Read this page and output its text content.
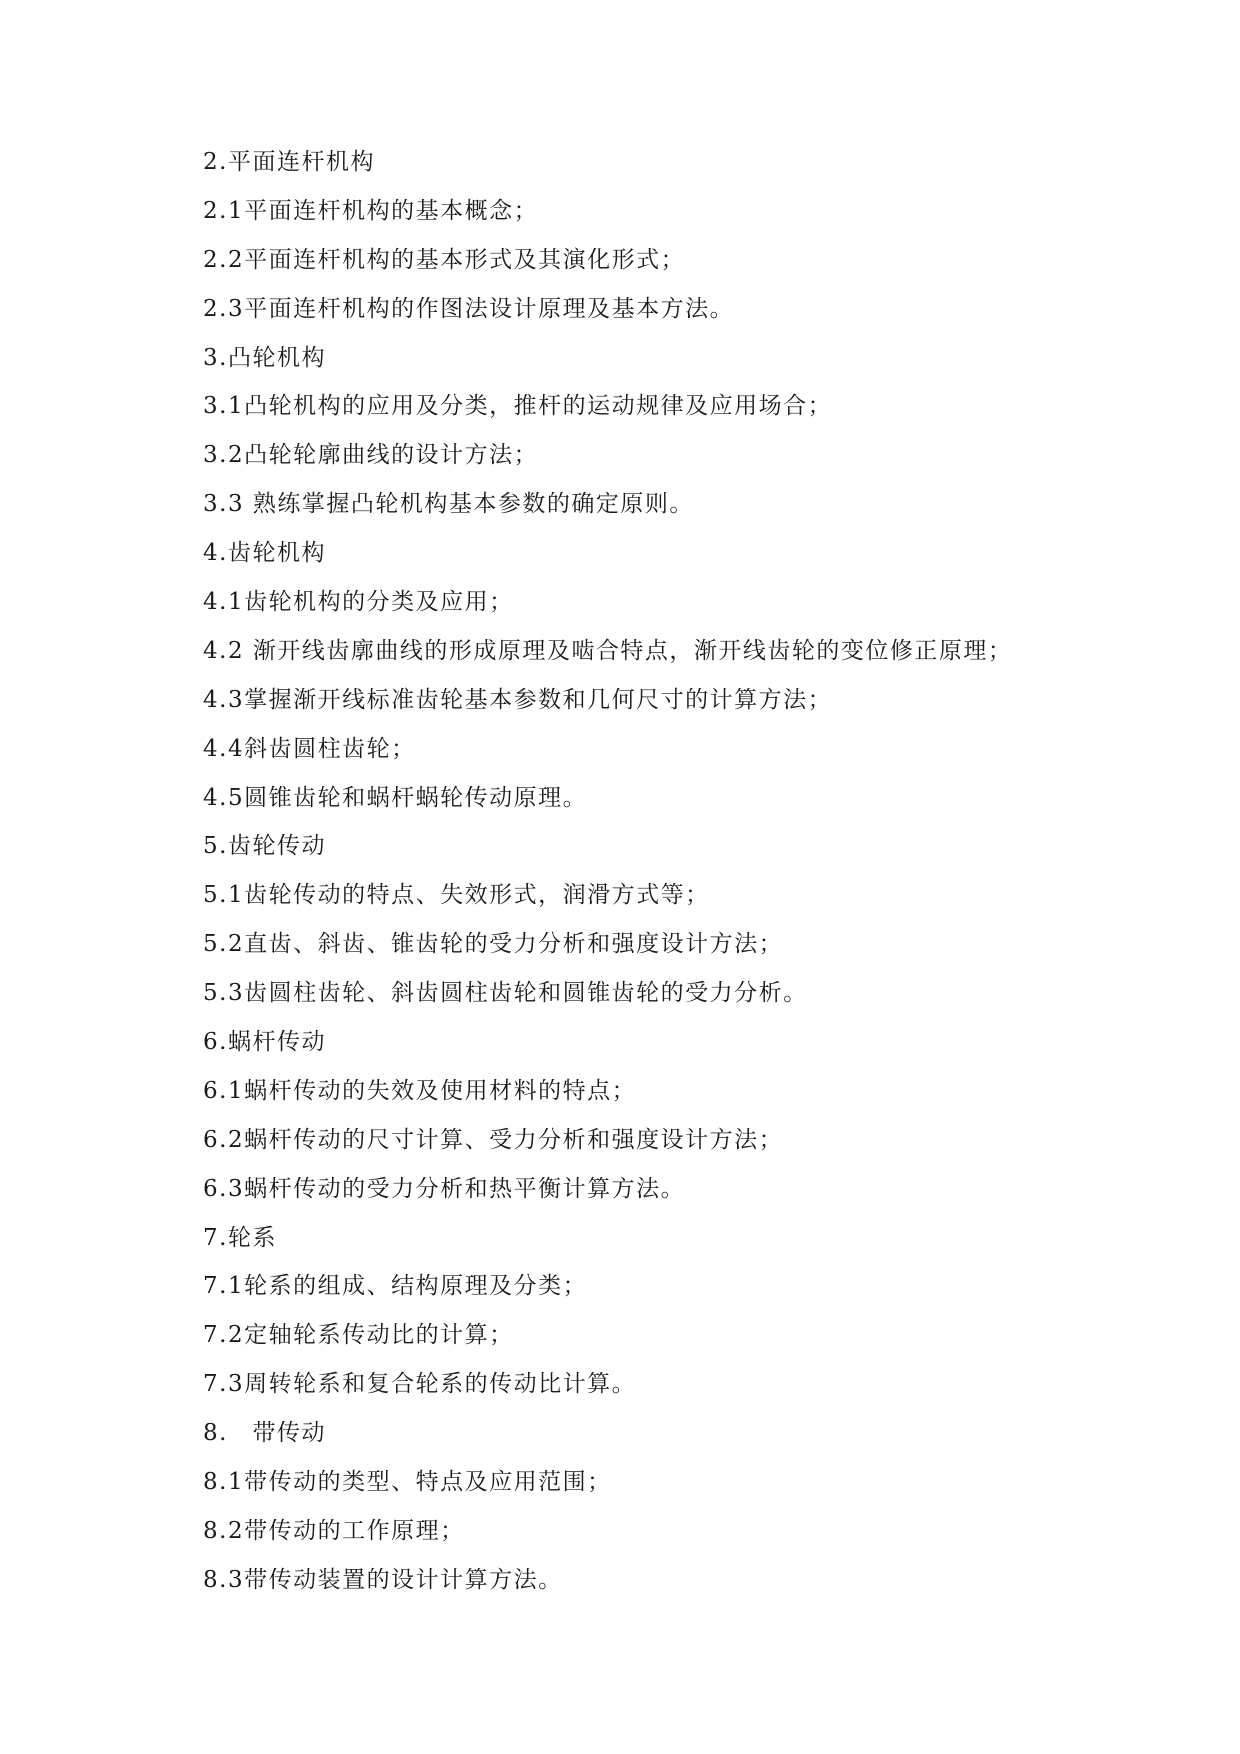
2.平面连杆机构
2.1平面连杆机构的基本概念；
2.2平面连杆机构的基本形式及其演化形式；
2.3平面连杆机构的作图法设计原理及基本方法。
3.凸轮机构
3.1凸轮机构的应用及分类，推杆的运动规律及应用场合；
3.2凸轮轮廓曲线的设计方法；
3.3 熟练掌握凸轮机构基本参数的确定原则。
4.齿轮机构
4.1齿轮机构的分类及应用；
4.2 渐开线齿廓曲线的形成原理及啮合特点，渐开线齿轮的变位修正原理；
4.3掌握渐开线标准齿轮基本参数和几何尺寸的计算方法；
4.4斜齿圆柱齿轮；
4.5圆锥齿轮和蜗杆蜗轮传动原理。
5.齿轮传动
5.1齿轮传动的特点、失效形式，润滑方式等；
5.2直齿、斜齿、锥齿轮的受力分析和强度设计方法；
5.3齿圆柱齿轮、斜齿圆柱齿轮和圆锥齿轮的受力分析。
6.蜗杆传动
6.1蜗杆传动的失效及使用材料的特点；
6.2蜗杆传动的尺寸计算、受力分析和强度设计方法；
6.3蜗杆传动的受力分析和热平衡计算方法。
7.轮系
7.1轮系的组成、结构原理及分类；
7.2定轴轮系传动比的计算；
7.3周转轮系和复合轮系的传动比计算。
8.　带传动
8.1带传动的类型、特点及应用范围；
8.2带传动的工作原理；
8.3带传动装置的设计计算方法。
